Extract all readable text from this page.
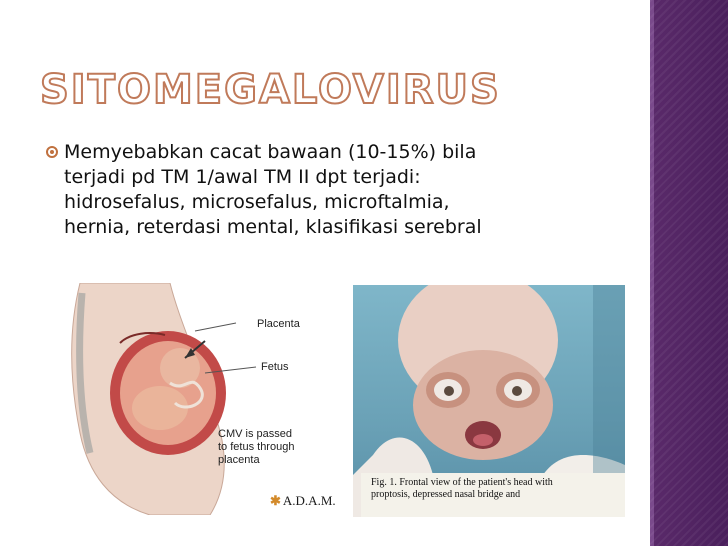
SITOMEGALOVIRUS

Memyebabkan cacat bawaan (10-15%) bila
terjadi pd TM 1/awal TM II dpt terjadi:
hidrosefalus, microsefalus, microftalmia,
hernia, reterdasi mental, klasifikasi serebral

Placenta
Fetus
CMV is passed
to fetus through
placenta
✱ A.D.A.M.

Fig. 1. Frontal view of the patient's head with
proptosis, depressed nasal bridge and
